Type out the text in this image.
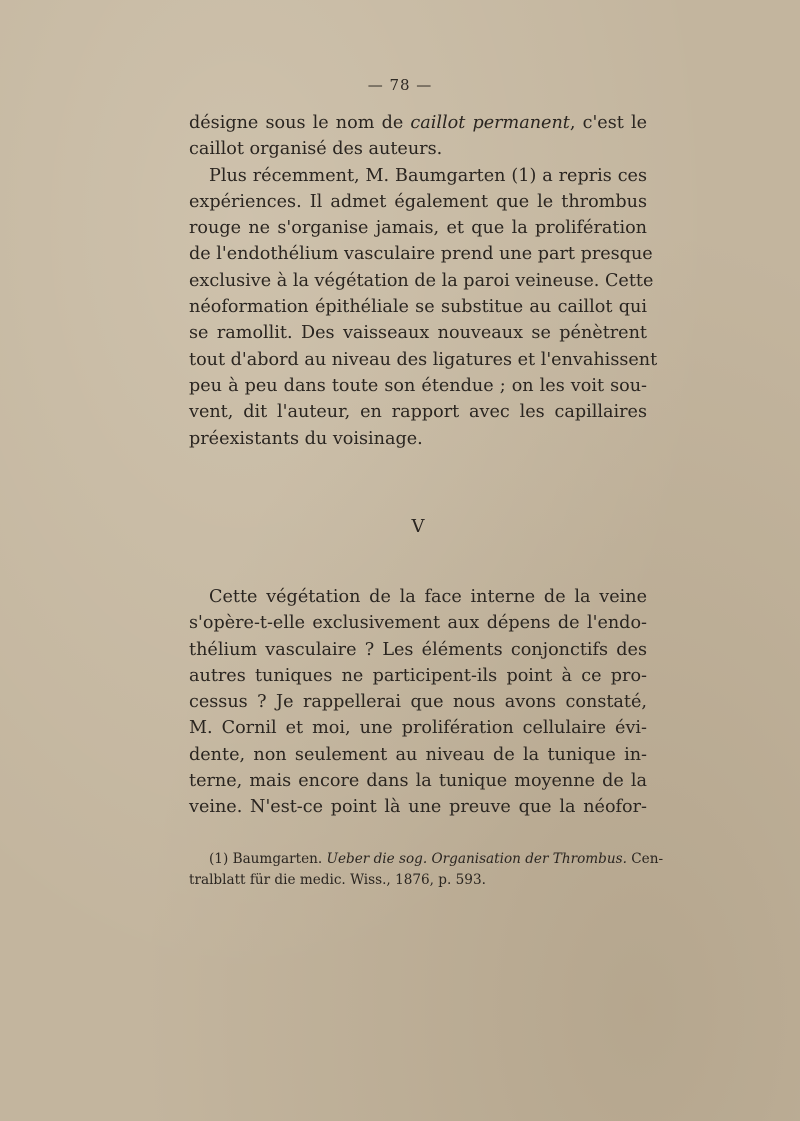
— 78 —
désigne sous le nom de caillot permanent, c'est le
caillot organisé des auteurs.
Plus récemment, M. Baumgarten (1) a repris ces
expériences. Il admet également que le thrombus
rouge ne s'organise jamais, et que la prolifération
de l'endothélium vasculaire prend une part presque
exclusive à la végétation de la paroi veineuse. Cette
néoformation épithéliale se substitue au caillot qui
se ramollit. Des vaisseaux nouveaux se pénètrent
tout d'abord au niveau des ligatures et l'envahissent
peu à peu dans toute son étendue ; on les voit sou-
vent, dit l'auteur, en rapport avec les capillaires
préexistants du voisinage.
V
Cette végétation de la face interne de la veine
s'opère-t-elle exclusivement aux dépens de l'endo-
thélium vasculaire ? Les éléments conjonctifs des
autres tuniques ne participent-ils point à ce pro-
cessus ? Je rappellerai que nous avons constaté,
M. Cornil et moi, une prolifération cellulaire évi-
dente, non seulement au niveau de la tunique in-
terne, mais encore dans la tunique moyenne de la
veine. N'est-ce point là une preuve que la néofor-
(1) Baumgarten. Ueber die sog. Organisation der Thrombus. Cen-
tralblatt für die medic. Wiss., 1876, p. 593.
